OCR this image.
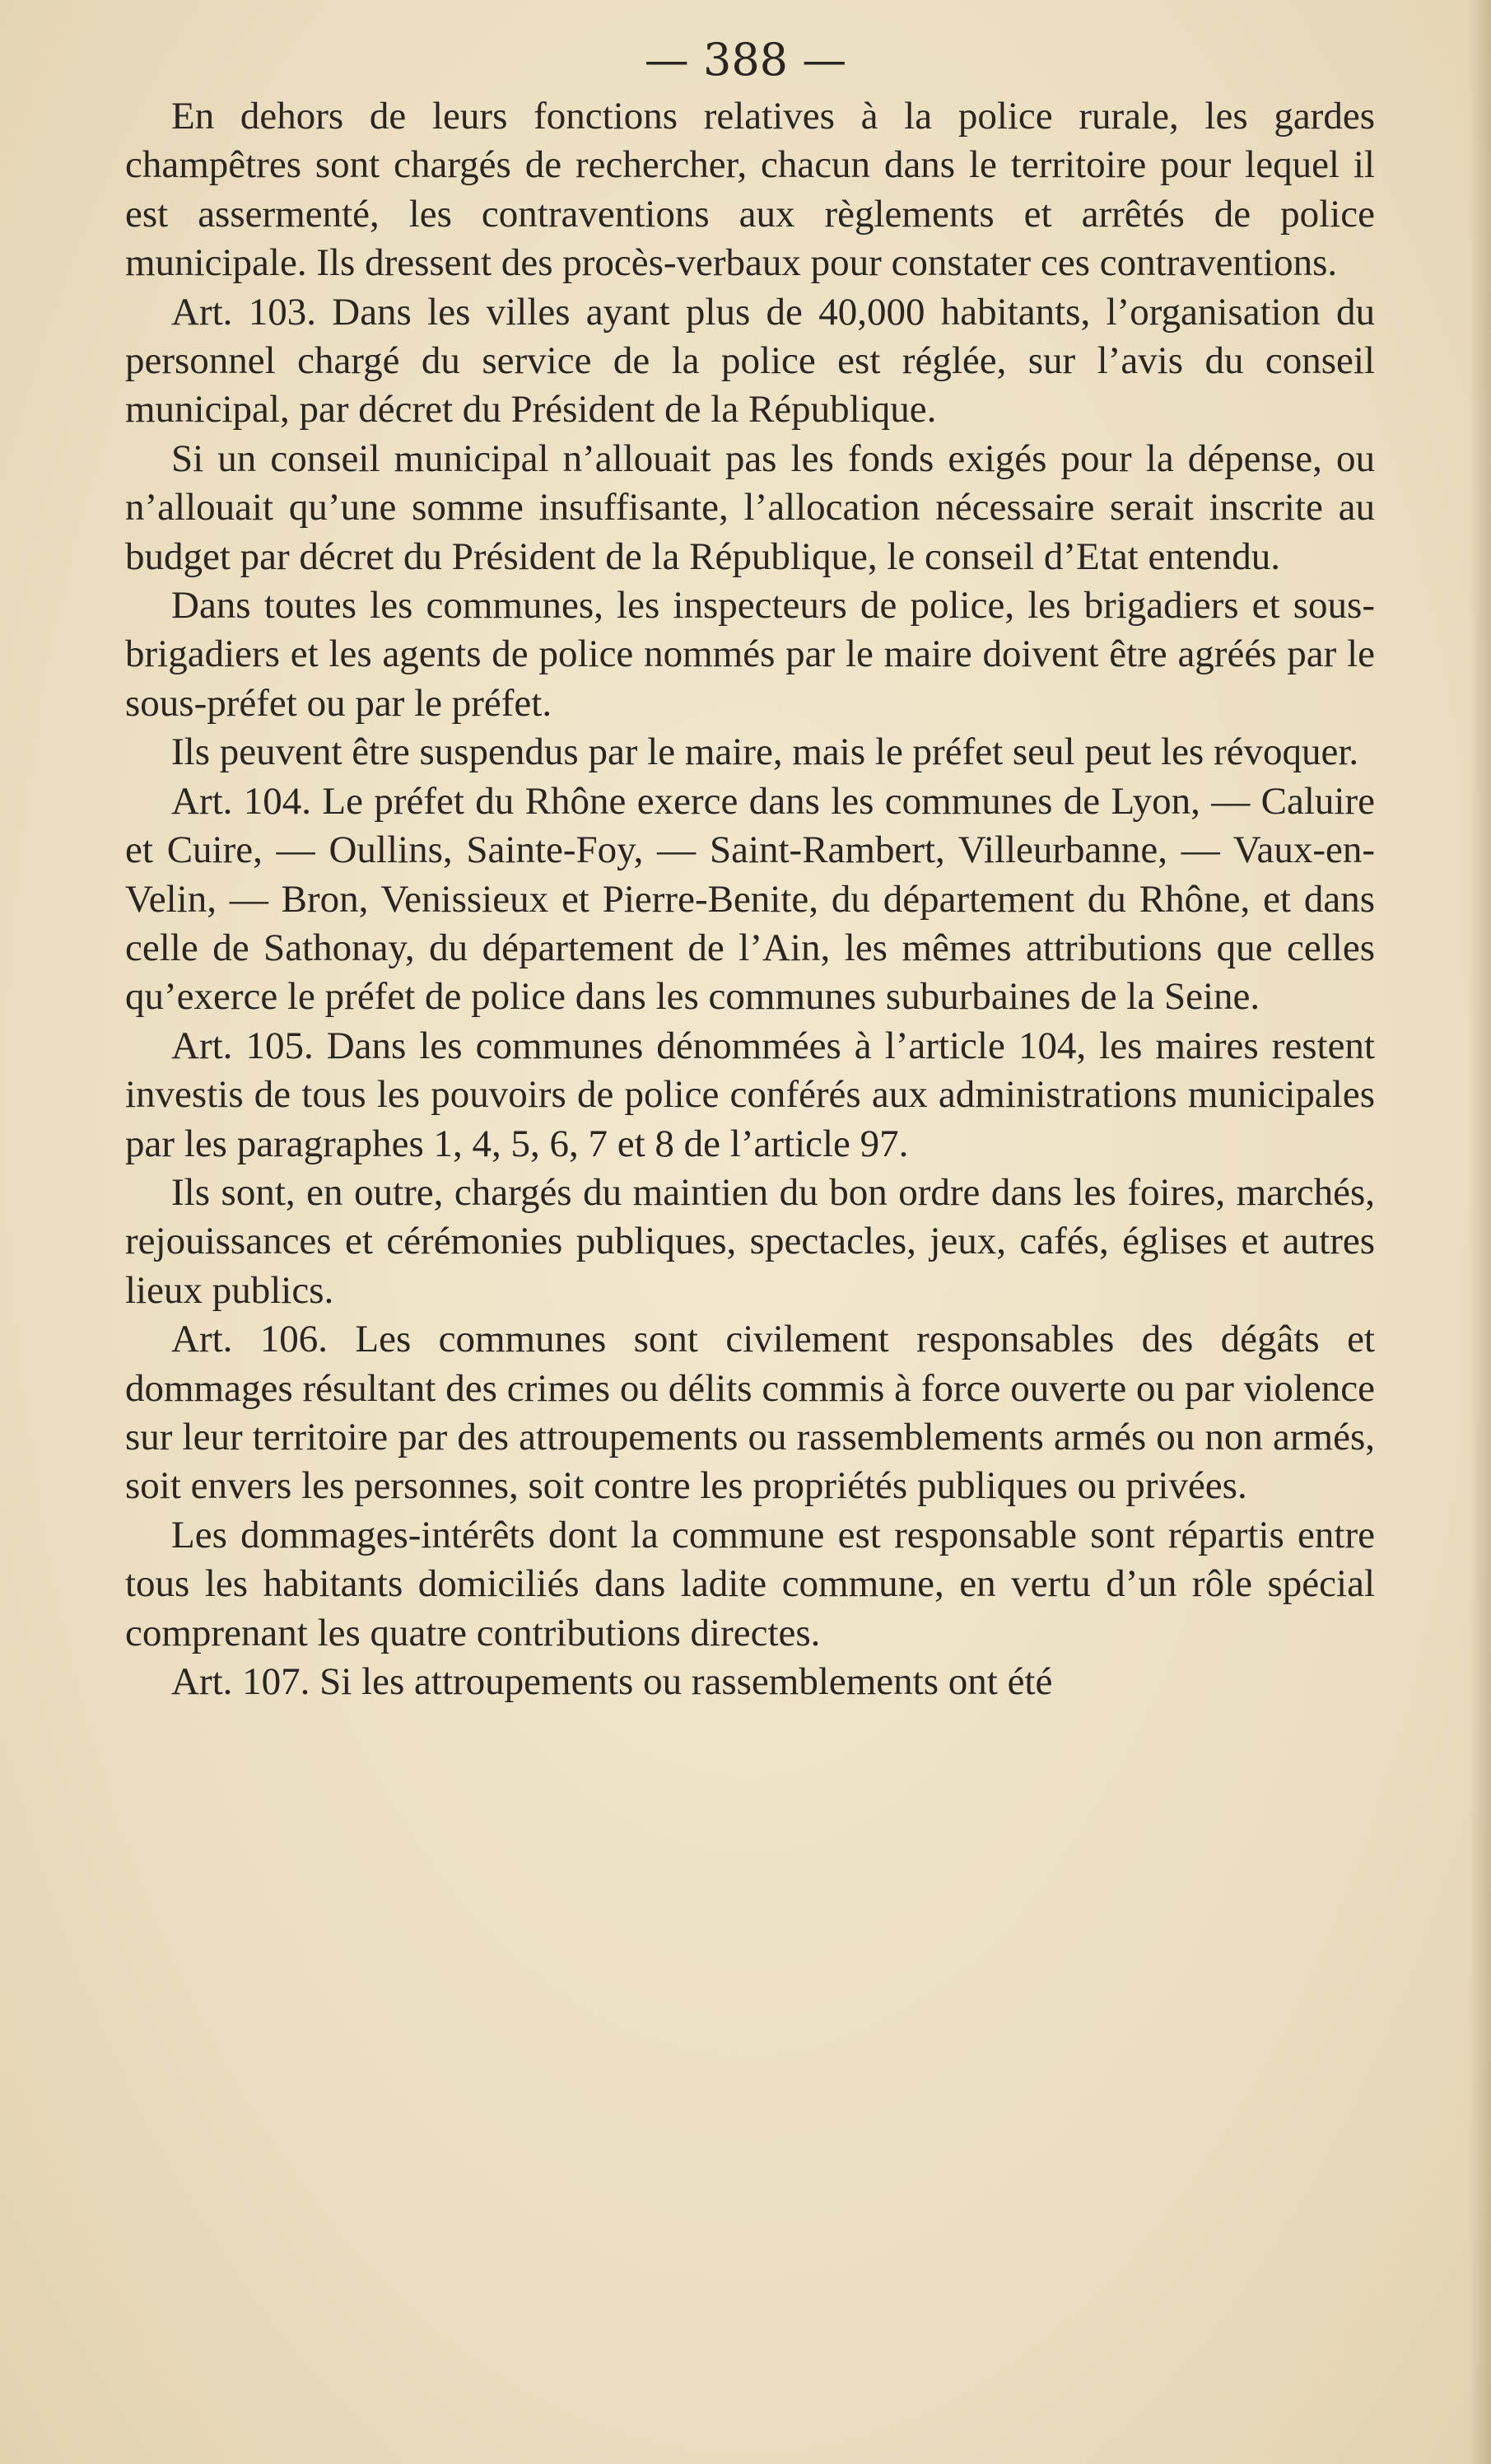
— 388 —

En dehors de leurs fonctions relatives à la police rurale, les gardes champêtres sont chargés de rechercher, chacun dans le territoire pour lequel il est assermenté, les contraventions aux règlements et arrêtés de police municipale. Ils dressent des procès-verbaux pour constater ces contraventions.

Art. 103. Dans les villes ayant plus de 40,000 habitants, l’organisation du personnel chargé du service de la police est réglée, sur l’avis du conseil municipal, par décret du Président de la République.

Si un conseil municipal n’allouait pas les fonds exigés pour la dépense, ou n’allouait qu’une somme insuffisante, l’allocation nécessaire serait inscrite au budget par décret du Président de la République, le conseil d’Etat entendu.

Dans toutes les communes, les inspecteurs de police, les brigadiers et sous-brigadiers et les agents de police nommés par le maire doivent être agréés par le sous-préfet ou par le préfet.

Ils peuvent être suspendus par le maire, mais le préfet seul peut les révoquer.

Art. 104. Le préfet du Rhône exerce dans les communes de Lyon, — Caluire et Cuire, — Oullins, Sainte-Foy, — Saint-Rambert, Villeurbanne, — Vaux-en-Velin, — Bron, Venissieux et Pierre-Benite, du département du Rhône, et dans celle de Sathonay, du département de l’Ain, les mêmes attributions que celles qu’exerce le préfet de police dans les communes suburbaines de la Seine.

Art. 105. Dans les communes dénommées à l’article 104, les maires restent investis de tous les pouvoirs de police conférés aux administrations municipales par les paragraphes 1, 4, 5, 6, 7 et 8 de l’article 97.

Ils sont, en outre, chargés du maintien du bon ordre dans les foires, marchés, rejouissances et cérémonies publiques, spectacles, jeux, cafés, églises et autres lieux publics.

Art. 106. Les communes sont civilement responsables des dégâts et dommages résultant des crimes ou délits commis à force ouverte ou par violence sur leur territoire par des attroupements ou rassemblements armés ou non armés, soit envers les personnes, soit contre les propriétés publiques ou privées.

Les dommages-intérêts dont la commune est responsable sont répartis entre tous les habitants domiciliés dans ladite commune, en vertu d’un rôle spécial comprenant les quatre contributions directes.

Art. 107. Si les attroupements ou rassemblements ont été
